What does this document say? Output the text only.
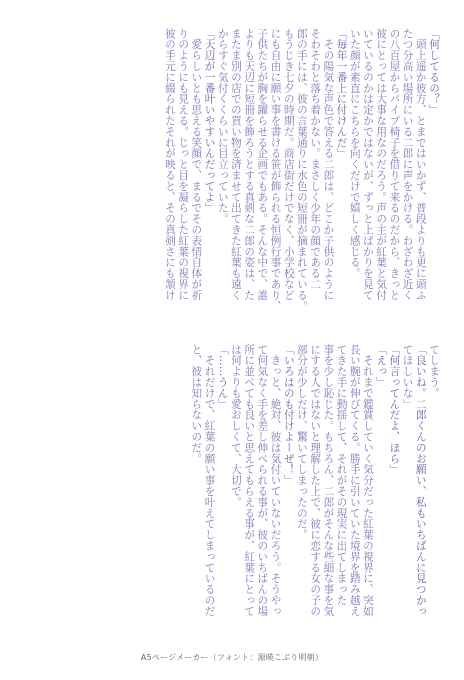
「何してるの？」
　頭上遥か彼方、とまではいかず、普段よりも更に頭ふ
たつ分高い場所にいる二郎に声をかける。わざわざ近く
の八百屋からパイプ椅子を借りて来るのだから、きっと
彼にとっては大事な用なのだろう。声の主が紅葉と気付
いているのかは定かではないが、ずっと上ばかりを見て
いた顔が素直にこちらを向くだけで嬉しく感じる。
「毎年一番上に付けんだ」
　その陽気な声色で答える二郎は、どこか子供のように
そわそわと落ち着かない。まさしく少年の顔である二
郎の手には、彼の言葉通りに水色の短冊が摘まれている。
もうじき七夕の時期だ。商店街だけでなく、小学校など
にも自由に願い事を書ける笹が飾られる恒例行事であり、
子供たちが胸を躍らせる企画でもある。そんな中で、誰
よりも天辺に短冊を飾ろうとする真剣な二郎の姿は、た
またま別の店での買い物を済ませて出てきた紅葉も遠く
からすぐ気付くくらいに目立っていた。
「天辺が一番叶いやすいんだってよ」
　愛らしいとも思える笑顔で、まるでその表情自体が祈
りのようにも見える。じっと目を凝らした紅葉の視界に
彼の手元に綴られたそれが映ると、その真剣さにも頷け
てしまう。
「良いね。二郎くんのお願い、私もいちばんに見つかっ
てほしいな」
「何言ってんだよ、ほら」
「えっ」
　それまで鑑賞していく気分だった紅葉の視界に、突如
長い腕が伸びてくる。勝手に引いていた境界を踏み越え
てきた手に動揺して、それがその現実に出てしまった
事を少し恥じた。もちろん、二郎がそんな些細な事を気
にする人ではないと理解した上で、彼に恋する女の子の
部分が少しだけ、驚いてしまったのだ。
「いろはのも付けよーぜ！」
　きっと、絶対、彼は気付いていないだろう。そうやっ
て何気なく手を差し伸べられる事が、彼のいちばんの場
所に並べても良いと思えてもらえる事が、紅葉にとって
は何よりも愛おしくて、大切で。
「……うん」
　それだけで、紅葉の願い事を叶えてしまっているのだ
と、彼は知らないのだ。
A5ページメーカー（フォント：源暎こぶり明朝）
